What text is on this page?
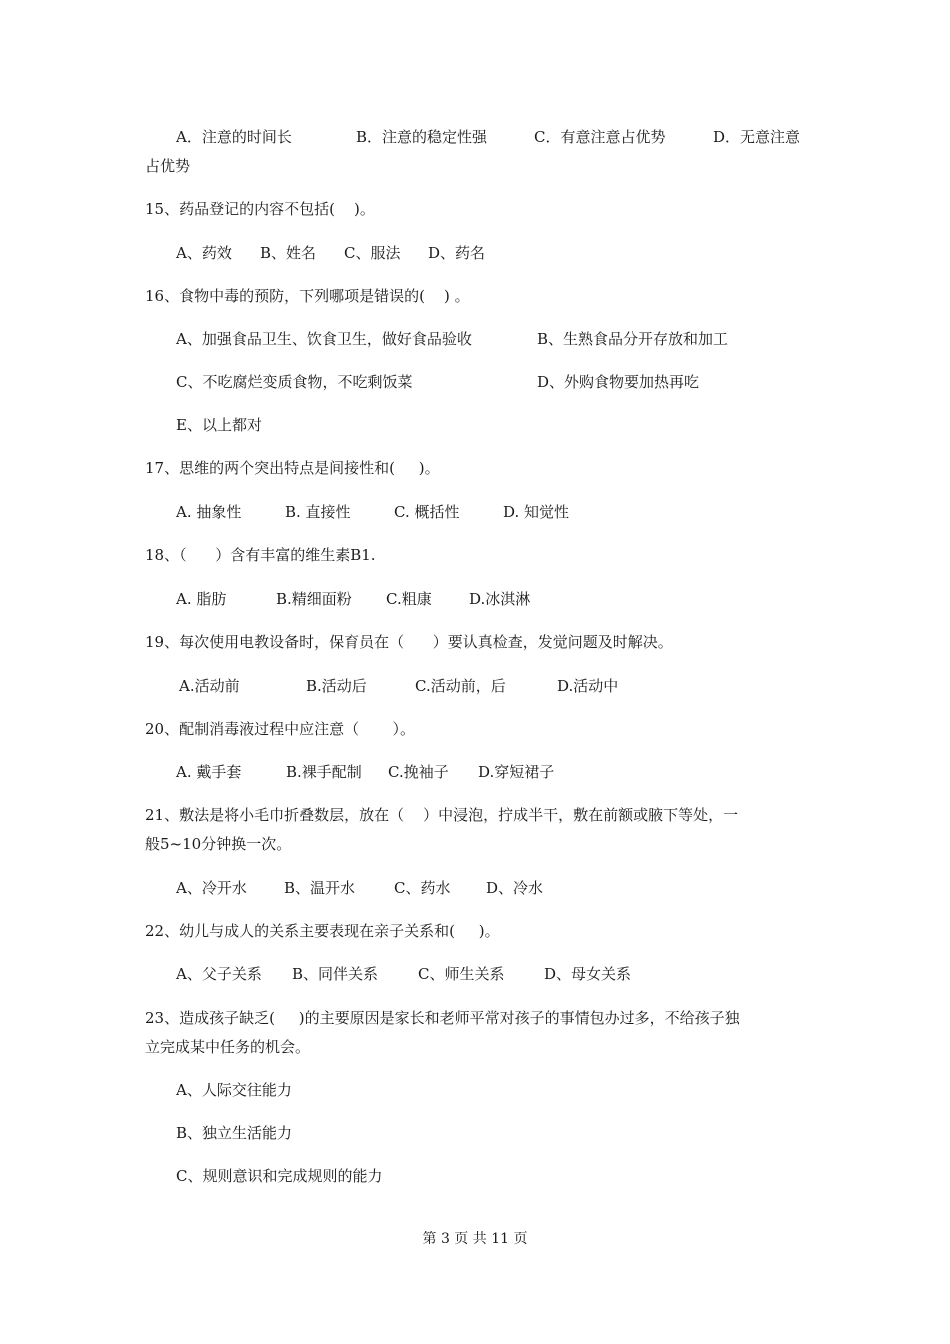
A．注意的时间长

	B．注意的稳定性强

	C．有意注意占优势

	D．无意注意

占优势
15、药品登记的内容不包括(    )。

A、药效

B、姓名

C、服法

D、药名

16、食物中毒的预防，下列哪项是错误的(    ) 。

A、加强食品卫生、饮食卫生，做好食品验收

	B、生熟食品分开存放和加工

C、不吃腐烂变质食物，不吃剩饭菜

	D、外购食物要加热再吃

E、以上都对
17、思维的两个突出特点是间接性和(     )。

A. 抽象性

	B. 直接性

	C. 概括性

	D. 知觉性

18、（      ）含有丰富的维生素B1.

A. 脂肪

	B.精细面粉

C.粗康

D.冰淇淋

19、每次使用电教设备时，保育员在（      ）要认真检查，发觉问题及时解决。

A.活动前

	B.活动后

	C.活动前，后

	D.活动中

20、配制消毒液过程中应注意（       ）。

A. 戴手套

	B.裸手配制

C.挽袖子

D.穿短裙子

21、敷法是将小毛巾折叠数层，放在（    ）中浸泡，拧成半干，敷在前额或腋下等处，一
般5~10分钟换一次。

A、冷开水

B、温开水

	C、药水

D、冷水

22、幼儿与成人的关系主要表现在亲子关系和(     )。

A、父子关系

B、同伴关系

	C、师生关系

	D、母女关系

23、造成孩子缺乏(     )的主要原因是家长和老师平常对孩子的事情包办过多，不给孩子独
立完成某中任务的机会。
A、人际交往能力
B、独立生活能力
C、规则意识和完成规则的能力
第 3 页 共 11 页
